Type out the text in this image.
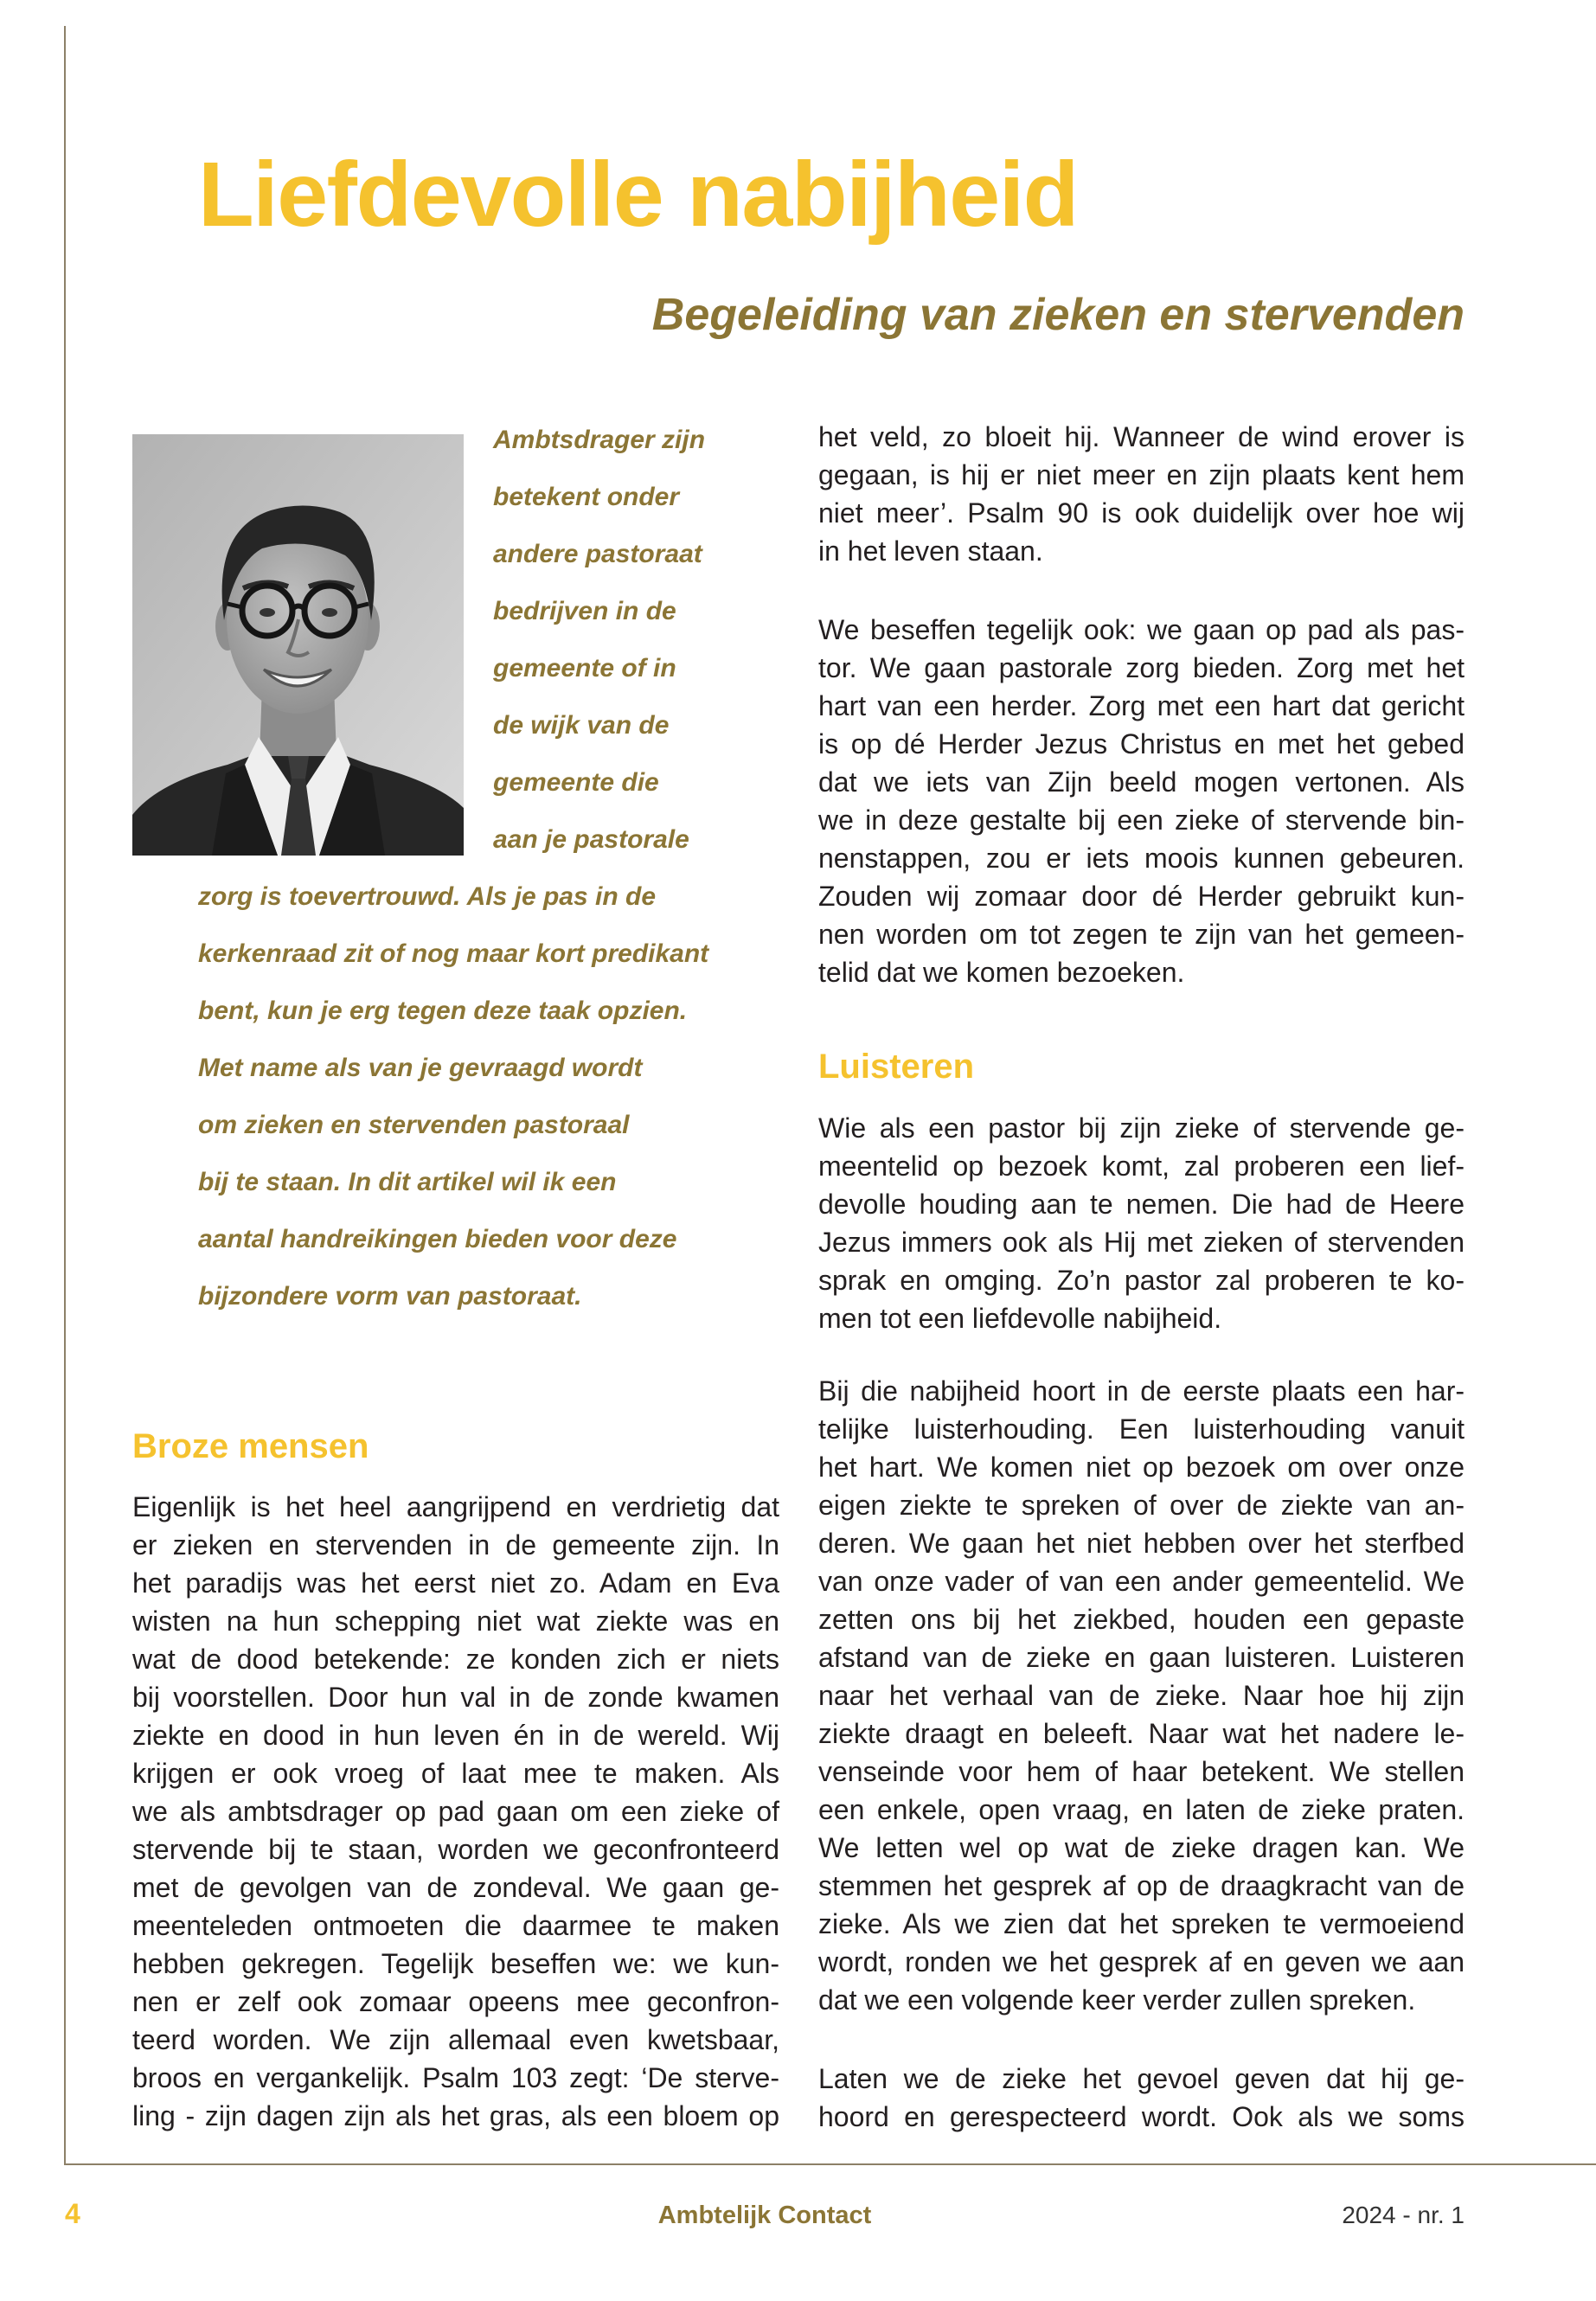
Liefdevolle nabijheid
Begeleiding van zieken en stervenden
Ambtsdrager zijn
betekent onder
andere pastoraat
bedrijven in de
gemeente of in
de wijk van de
gemeente die
aan je pastorale
zorg is toevertrouwd. Als je pas in de
kerkenraad zit of nog maar kort predikant
bent, kun je erg tegen deze taak opzien.
Met name als van je gevraagd wordt
om zieken en stervenden pastoraal
bij te staan. In dit artikel wil ik een
aantal handreikingen bieden voor deze
bijzondere vorm van pastoraat.
Broze mensen
Eigenlijk is het heel aangrijpend en verdrietig dat
er zieken en stervenden in de gemeente zijn. In
het paradijs was het eerst niet zo. Adam en Eva
wisten na hun schepping niet wat ziekte was en
wat de dood betekende: ze konden zich er niets
bij voorstellen. Door hun val in de zonde kwamen
ziekte en dood in hun leven én in de wereld. Wij
krijgen er ook vroeg of laat mee te maken. Als
we als ambtsdrager op pad gaan om een zieke of
stervende bij te staan, worden we geconfronteerd
met de gevolgen van de zondeval. We gaan ge-
meenteleden ontmoeten die daarmee te maken
hebben gekregen. Tegelijk beseffen we: we kun-
nen er zelf ook zomaar opeens mee geconfron-
teerd worden. We zijn allemaal even kwetsbaar,
broos en vergankelijk. Psalm 103 zegt: ‘De sterve-
ling - zijn dagen zijn als het gras, als een bloem op
het veld, zo bloeit hij. Wanneer de wind erover is
gegaan, is hij er niet meer en zijn plaats kent hem
niet meer’. Psalm 90 is ook duidelijk over hoe wij
in het leven staan.
We beseffen tegelijk ook: we gaan op pad als pas-
tor. We gaan pastorale zorg bieden. Zorg met het
hart van een herder. Zorg met een hart dat gericht
is op dé Herder Jezus Christus en met het gebed
dat we iets van Zijn beeld mogen vertonen. Als
we in deze gestalte bij een zieke of stervende bin-
nenstappen, zou er iets moois kunnen gebeuren.
Zouden wij zomaar door dé Herder gebruikt kun-
nen worden om tot zegen te zijn van het gemeen-
telid dat we komen bezoeken.
Luisteren
Wie als een pastor bij zijn zieke of stervende ge-
meentelid op bezoek komt, zal proberen een lief-
devolle houding aan te nemen. Die had de Heere
Jezus immers ook als Hij met zieken of stervenden
sprak en omging. Zo’n pastor zal proberen te ko-
men tot een liefdevolle nabijheid.
Bij die nabijheid hoort in de eerste plaats een har-
telijke luisterhouding. Een luisterhouding vanuit
het hart. We komen niet op bezoek om over onze
eigen ziekte te spreken of over de ziekte van an-
deren. We gaan het niet hebben over het sterfbed
van onze vader of van een ander gemeentelid. We
zetten ons bij het ziekbed, houden een gepaste
afstand van de zieke en gaan luisteren. Luisteren
naar het verhaal van de zieke. Naar hoe hij zijn
ziekte draagt en beleeft. Naar wat het nadere le-
venseinde voor hem of haar betekent. We stellen
een enkele, open vraag, en laten de zieke praten.
We letten wel op wat de zieke dragen kan. We
stemmen het gesprek af op de draagkracht van de
zieke. Als we zien dat het spreken te vermoeiend
wordt, ronden we het gesprek af en geven we aan
dat we een volgende keer verder zullen spreken.
Laten we de zieke het gevoel geven dat hij ge-
hoord en gerespecteerd wordt. Ook als we soms
4	Ambtelijk Contact	2024 - nr. 1
